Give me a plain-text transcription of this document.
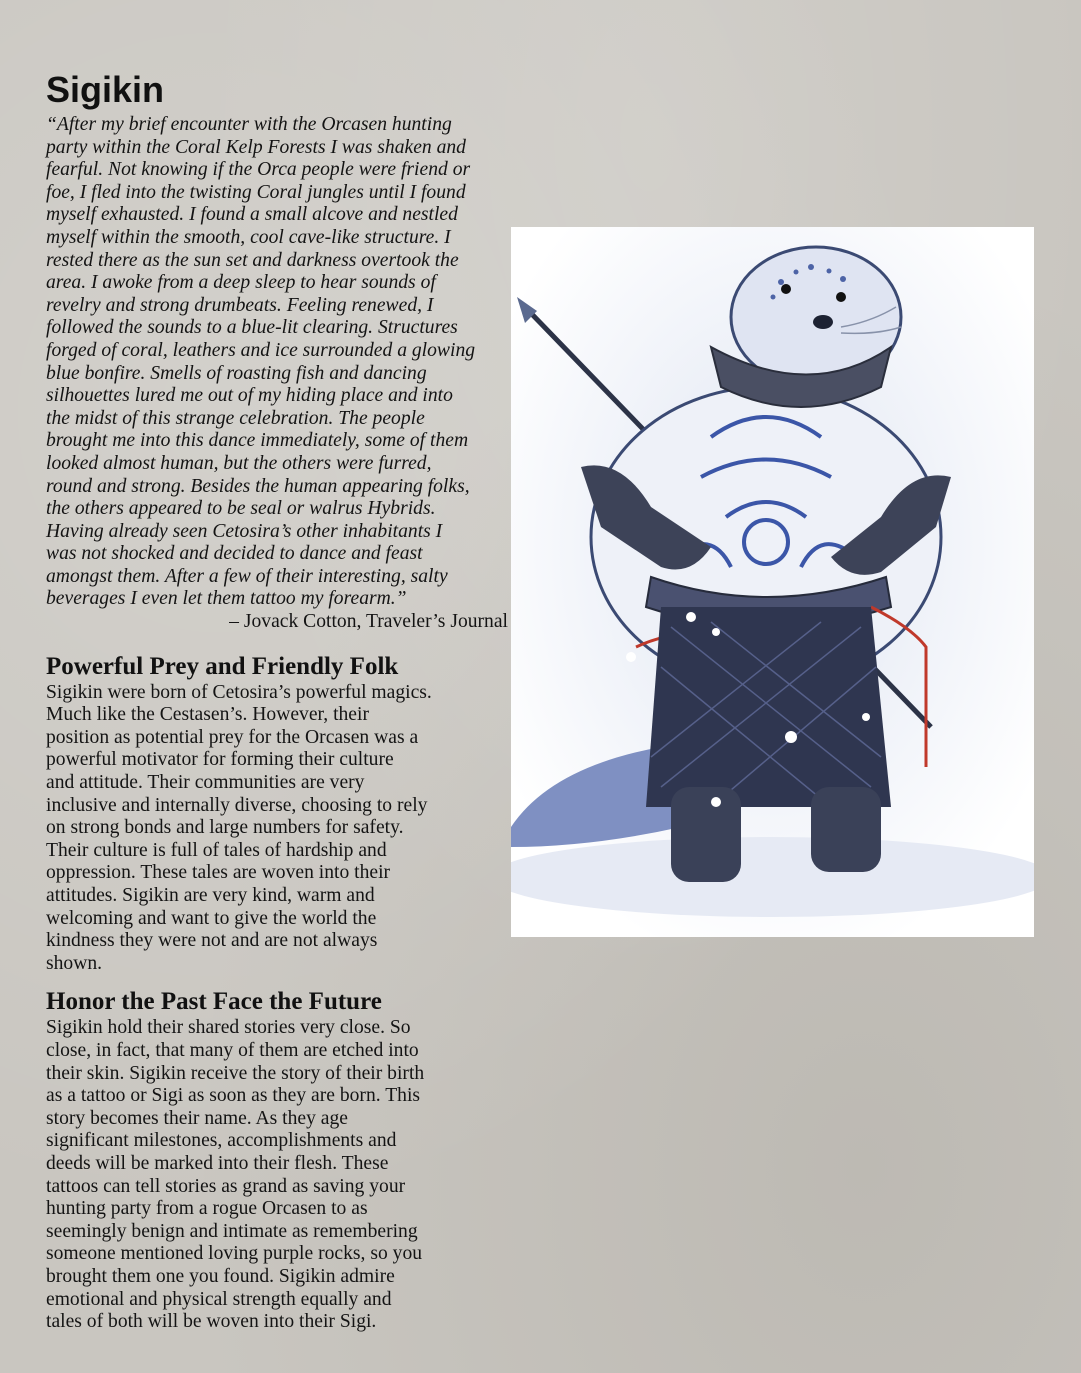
Sigikin

“After my brief encounter with the Orcasen hunting
party within the Coral Kelp Forests I was shaken and
fearful. Not knowing if the Orca people were friend or
foe, I fled into the twisting Coral jungles until I found
myself exhausted. I found a small alcove and nestled
myself within the smooth, cool cave-like structure. I
rested there as the sun set and darkness overtook the
area. I awoke from a deep sleep to hear sounds of
revelry and strong drumbeats. Feeling renewed, I
followed the sounds to a blue-lit clearing. Structures
forged of coral, leathers and ice surrounded a glowing
blue bonfire. Smells of roasting fish and dancing
silhouettes lured me out of my hiding place and into
the midst of this strange celebration. The people
brought me into this dance immediately, some of them
looked almost human, but the others were furred,
round and strong. Besides the human appearing folks,
the others appeared to be seal or walrus Hybrids.
Having already seen Cetosira’s other inhabitants I
was not shocked and decided to dance and feast
amongst them. After a few of their interesting, salty
beverages I even let them tattoo my forearm.”

– Jovack Cotton, Traveler’s Journal

Powerful Prey and Friendly Folk

Sigikin were born of Cetosira’s powerful magics.
Much like the Cestasen’s. However, their
position as potential prey for the Orcasen was a
powerful motivator for forming their culture
and attitude. Their communities are very
inclusive and internally diverse, choosing to rely
on strong bonds and large numbers for safety.
Their culture is full of tales of hardship and
oppression. These tales are woven into their
attitudes. Sigikin are very kind, warm and
welcoming and want to give the world the
kindness they were not and are not always
shown.

Honor the Past Face the Future

Sigikin hold their shared stories very close. So
close, in fact, that many of them are etched into
their skin. Sigikin receive the story of their birth
as a tattoo or Sigi as soon as they are born. This
story becomes their name. As they age
significant milestones, accomplishments and
deeds will be marked into their flesh. These
tattoos can tell stories as grand as saving your
hunting party from a rogue Orcasen to as
seemingly benign and intimate as remembering
someone mentioned loving purple rocks, so you
brought them one you found. Sigikin admire
emotional and physical strength equally and
tales of both will be woven into their Sigi.
